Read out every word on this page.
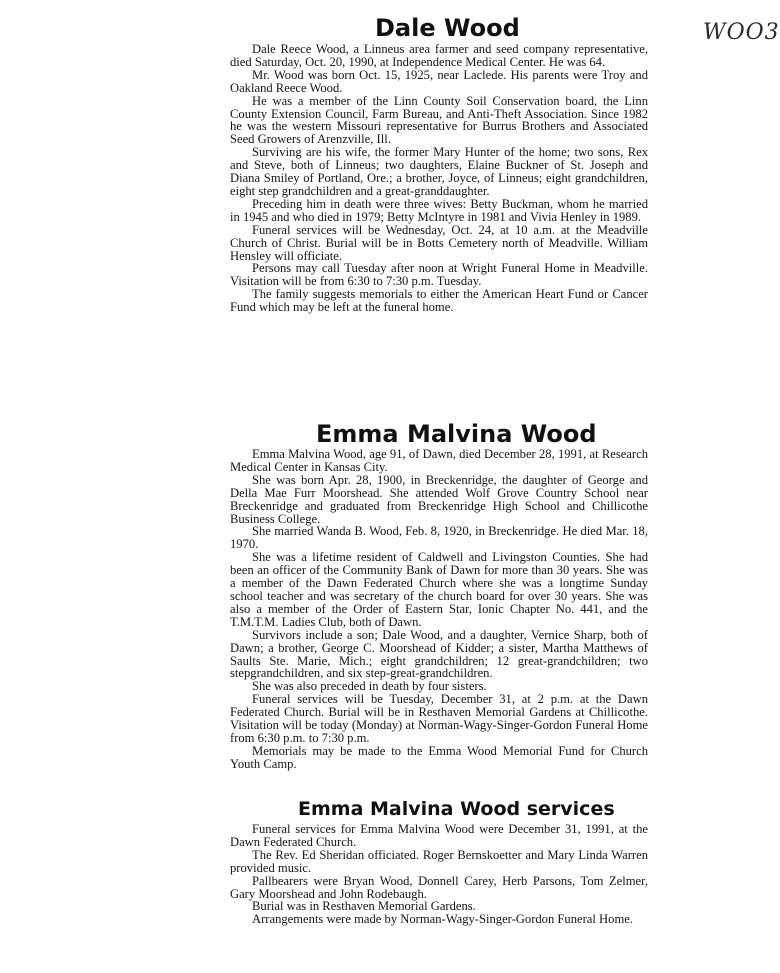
WOO3
Dale Wood

Dale Reece Wood, a Linneus area farmer and seed company representative, died Saturday, Oct. 20, 1990, at Independence Medical Center. He was 64.

Mr. Wood was born Oct. 15, 1925, near Laclede. His parents were Troy and Oakland Reece Wood.

He was a member of the Linn County Soil Conservation board, the Linn County Extension Council, Farm Bureau, and Anti-Theft Association. Since 1982 he was the western Missouri representative for Burrus Brothers and Associated Seed Growers of Arenzville, Ill.

Surviving are his wife, the former Mary Hunter of the home; two sons, Rex and Steve, both of Linneus; two daughters, Elaine Buckner of St. Joseph and Diana Smiley of Portland, Ore.; a brother, Joyce, of Linneus; eight grandchildren, eight step grandchildren and a great-granddaughter.

Preceding him in death were three wives: Betty Buckman, whom he married in 1945 and who died in 1979; Betty McIntyre in 1981 and Vivia Henley in 1989.

Funeral services will be Wednesday, Oct. 24, at 10 a.m. at the Meadville Church of Christ. Burial will be in Botts Cemetery north of Meadville. William Hensley will officiate.

Persons may call Tuesday after noon at Wright Funeral Home in Meadville. Visitation will be from 6:30 to 7:30 p.m. Tuesday.

The family suggests memorials to either the American Heart Fund or Cancer Fund which may be left at the funeral home.

Emma Malvina Wood

Emma Malvina Wood, age 91, of Dawn, died December 28, 1991, at Research Medical Center in Kansas City.

She was born Apr. 28, 1900, in Breckenridge, the daughter of George and Della Mae Furr Moorshead. She attended Wolf Grove Country School near Breckenridge and graduated from Breckenridge High School and Chillicothe Business College.

She married Wanda B. Wood, Feb. 8, 1920, in Breckenridge. He died Mar. 18, 1970.

She was a lifetime resident of Caldwell and Livingston Counties. She had been an officer of the Community Bank of Dawn for more than 30 years. She was a member of the Dawn Federated Church where she was a longtime Sunday school teacher and was secretary of the church board for over 30 years. She was also a member of the Order of Eastern Star, Ionic Chapter No. 441, and the T.M.T.M. Ladies Club, both of Dawn.

Survivors include a son; Dale Wood, and a daughter, Vernice Sharp, both of Dawn; a brother, George C. Moorshead of Kidder; a sister, Martha Matthews of Saults Ste. Marie, Mich.; eight grandchildren; 12 great-grandchildren; two stepgrandchildren, and six step-great-grandchildren.

She was also preceded in death by four sisters.

Funeral services will be Tuesday, December 31, at 2 p.m. at the Dawn Federated Church. Burial will be in Resthaven Memorial Gardens at Chillicothe. Visitation will be today (Monday) at Norman-Wagy-Singer-Gordon Funeral Home from 6:30 p.m. to 7:30 p.m.

Memorials may be made to the Emma Wood Memorial Fund for Church Youth Camp.

Emma Malvina Wood services

Funeral services for Emma Malvina Wood were December 31, 1991, at the Dawn Federated Church.

The Rev. Ed Sheridan officiated. Roger Bernskoetter and Mary Linda Warren provided music.

Pallbearers were Bryan Wood, Donnell Carey, Herb Parsons, Tom Zelmer, Gary Moorshead and John Rodebaugh.

Burial was in Resthaven Memorial Gardens.

Arrangements were made by Norman-Wagy-Singer-Gordon Funeral Home.
